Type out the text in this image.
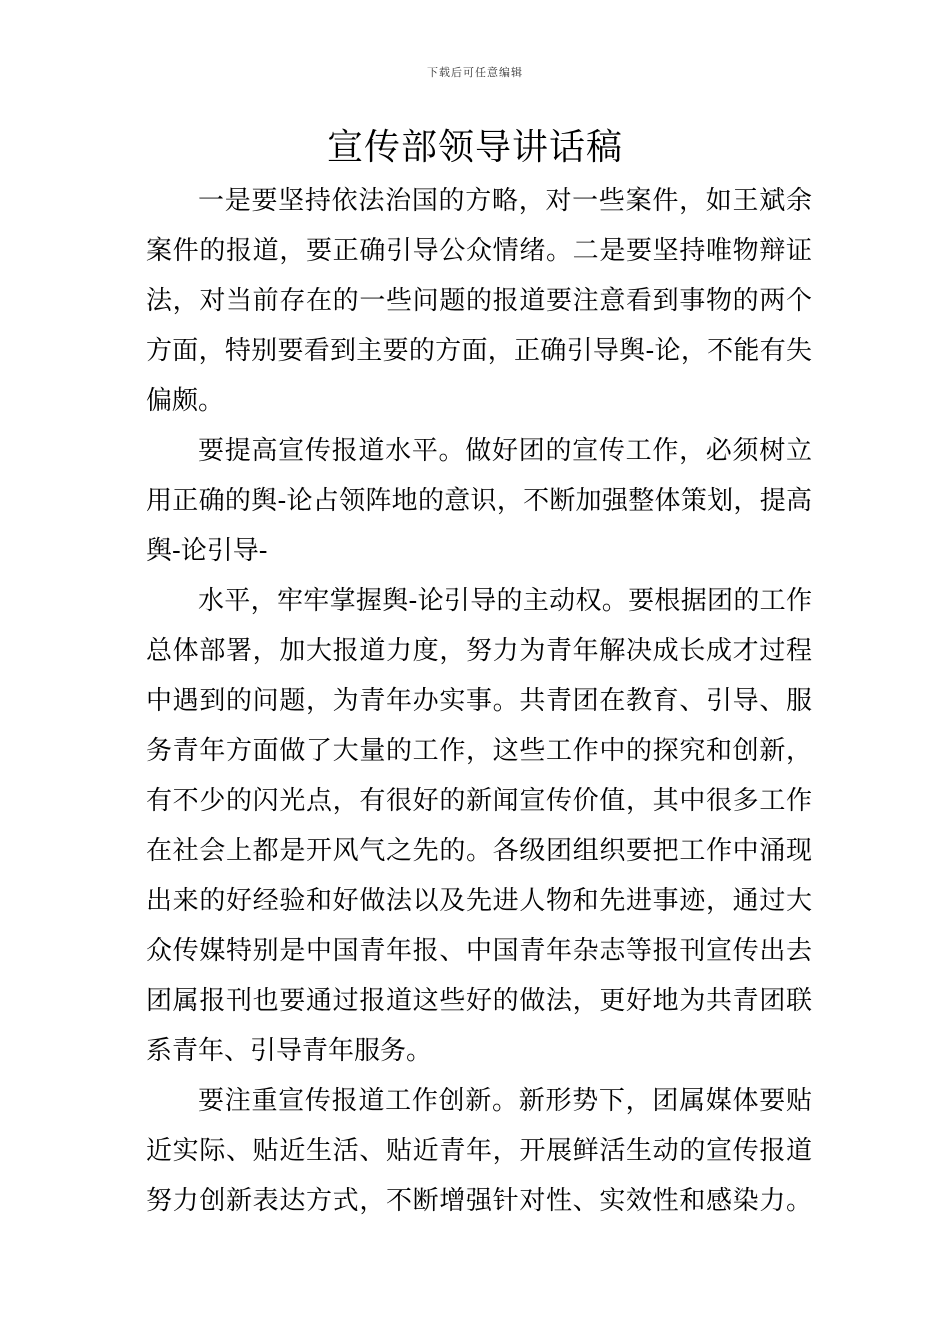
下载后可任意编辑
宣传部领导讲话稿
一是要坚持依法治国的方略，对一些案件，如王斌余
案件的报道，要正确引导公众情绪。二是要坚持唯物辩证
法，对当前存在的一些问题的报道要注意看到事物的两个
方面，特别要看到主要的方面，正确引导舆-论，不能有失
偏颇。
要提高宣传报道水平。做好团的宣传工作，必须树立
用正确的舆-论占领阵地的意识，不断加强整体策划，提高
舆-论引导-
水平，牢牢掌握舆-论引导的主动权。要根据团的工作
总体部署，加大报道力度，努力为青年解决成长成才过程
中遇到的问题，为青年办实事。共青团在教育、引导、服
务青年方面做了大量的工作，这些工作中的探究和创新，
有不少的闪光点，有很好的新闻宣传价值，其中很多工作
在社会上都是开风气之先的。各级团组织要把工作中涌现
出来的好经验和好做法以及先进人物和先进事迹，通过大
众传媒特别是中国青年报、中国青年杂志等报刊宣传出去
团属报刊也要通过报道这些好的做法，更好地为共青团联
系青年、引导青年服务。
要注重宣传报道工作创新。新形势下，团属媒体要贴
近实际、贴近生活、贴近青年，开展鲜活生动的宣传报道
努力创新表达方式，不断增强针对性、实效性和感染力。
